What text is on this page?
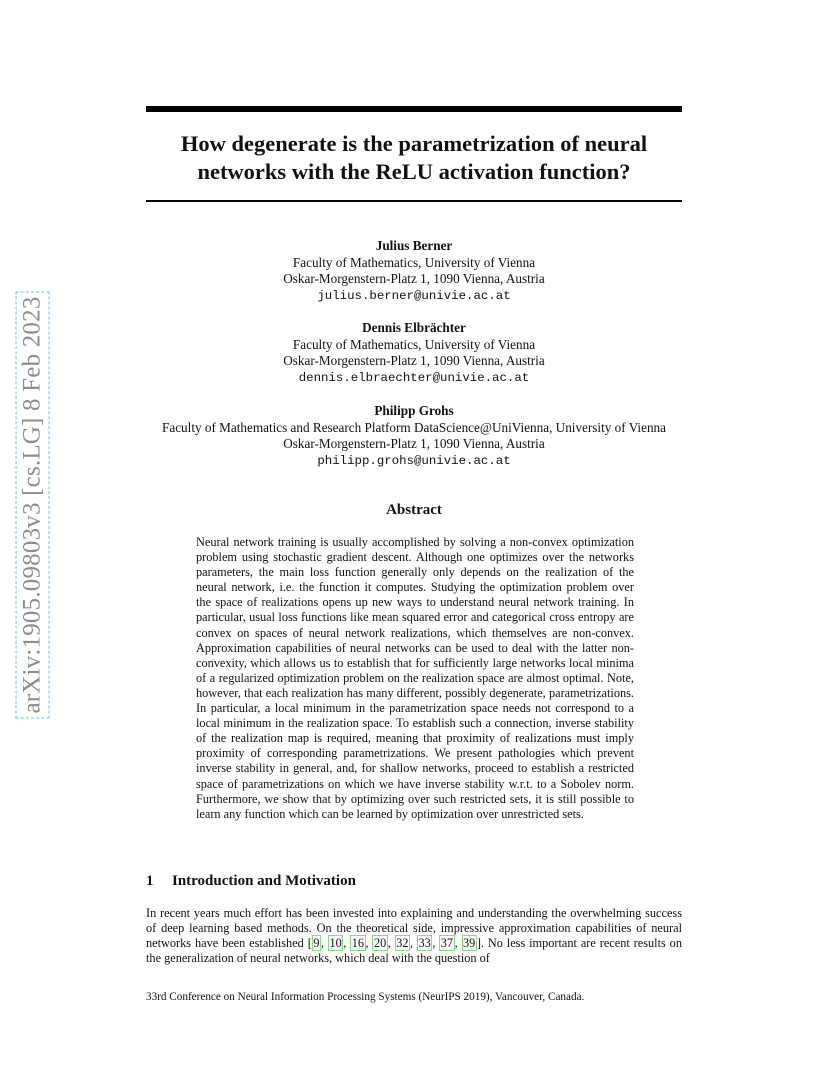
How degenerate is the parametrization of neural networks with the ReLU activation function?
arXiv:1905.09803v3 [cs.LG] 8 Feb 2023
Julius Berner
Faculty of Mathematics, University of Vienna
Oskar-Morgenstern-Platz 1, 1090 Vienna, Austria
julius.berner@univie.ac.at
Dennis Elbrächter
Faculty of Mathematics, University of Vienna
Oskar-Morgenstern-Platz 1, 1090 Vienna, Austria
dennis.elbraechter@univie.ac.at
Philipp Grohs
Faculty of Mathematics and Research Platform DataScience@UniVienna, University of Vienna
Oskar-Morgenstern-Platz 1, 1090 Vienna, Austria
philipp.grohs@univie.ac.at
Abstract
Neural network training is usually accomplished by solving a non-convex optimization problem using stochastic gradient descent. Although one optimizes over the networks parameters, the main loss function generally only depends on the realization of the neural network, i.e. the function it computes. Studying the optimization problem over the space of realizations opens up new ways to understand neural network training. In particular, usual loss functions like mean squared error and categorical cross entropy are convex on spaces of neural network realizations, which themselves are non-convex. Approximation capabilities of neural networks can be used to deal with the latter non-convexity, which allows us to establish that for sufficiently large networks local minima of a regularized optimization problem on the realization space are almost optimal. Note, however, that each realization has many different, possibly degenerate, parametrizations. In particular, a local minimum in the parametrization space needs not correspond to a local minimum in the realization space. To establish such a connection, inverse stability of the realization map is required, meaning that proximity of realizations must imply proximity of corresponding parametrizations. We present pathologies which prevent inverse stability in general, and, for shallow networks, proceed to establish a restricted space of parametrizations on which we have inverse stability w.r.t. to a Sobolev norm. Furthermore, we show that by optimizing over such restricted sets, it is still possible to learn any function which can be learned by optimization over unrestricted sets.
1 Introduction and Motivation
In recent years much effort has been invested into explaining and understanding the overwhelming success of deep learning based methods. On the theoretical side, impressive approximation capabilities of neural networks have been established [ 9 , 10 , 16 , 20 , 32 , 33 , 37 , 39 ]. No less important are recent results on the generalization of neural networks, which deal with the question of
33rd Conference on Neural Information Processing Systems (NeurIPS 2019), Vancouver, Canada.
